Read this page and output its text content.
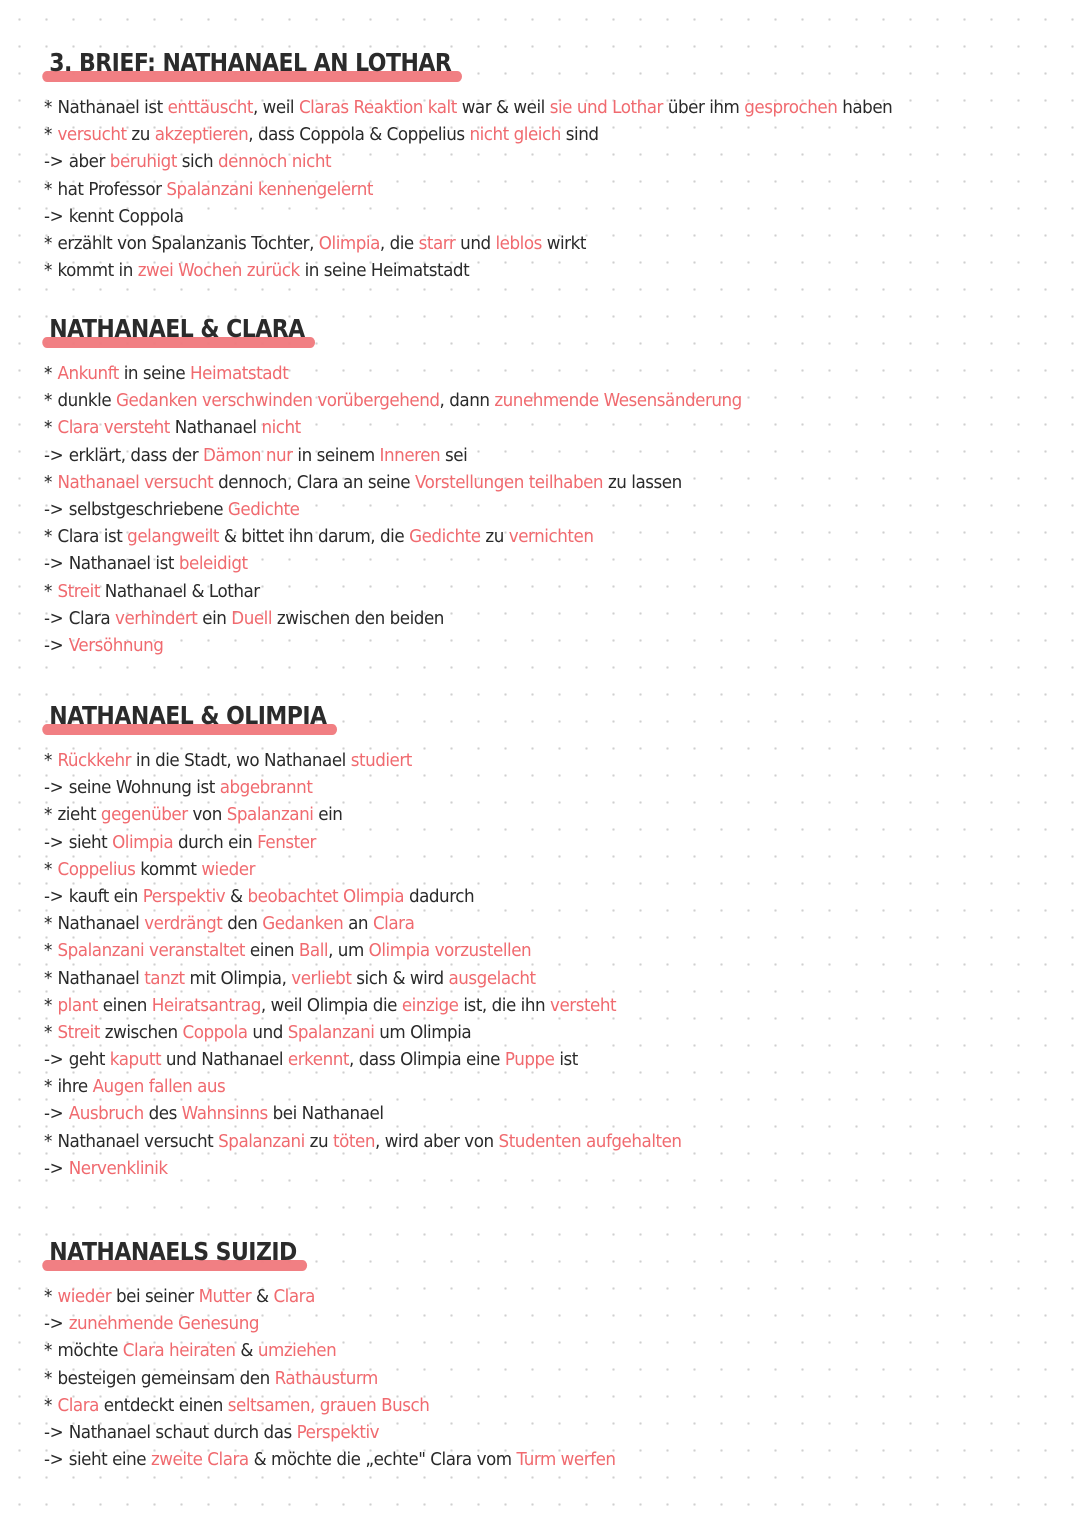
3. BRIEF: NATHANAEL AN LOTHAR
* Nathanael ist enttäuscht, weil Claras Reaktion kalt war & weil sie und Lothar über ihm gesprochen haben
* versucht zu akzeptieren, dass Coppola & Coppelius nicht gleich sind
-> aber beruhigt sich dennoch nicht
* hat Professor Spalanzani kennengelernt
-> kennt Coppola
* erzählt von Spalanzanis Tochter, Olimpia, die starr und leblos wirkt
* kommt in zwei Wochen zurück in seine Heimatstadt
NATHANAEL & CLARA
* Ankunft in seine Heimatstadt
* dunkle Gedanken verschwinden vorübergehend, dann zunehmende Wesensänderung
* Clara versteht Nathanael nicht
-> erklärt, dass der Dämon nur in seinem Inneren sei
* Nathanael versucht dennoch, Clara an seine Vorstellungen teilhaben zu lassen
-> selbstgeschriebene Gedichte
* Clara ist gelangweilt & bittet ihn darum, die Gedichte zu vernichten
-> Nathanael ist beleidigt
* Streit Nathanael & Lothar
-> Clara verhindert ein Duell zwischen den beiden
-> Versöhnung
NATHANAEL & OLIMPIA
* Rückkehr in die Stadt, wo Nathanael studiert
-> seine Wohnung ist abgebrannt
* zieht gegenüber von Spalanzani ein
-> sieht Olimpia durch ein Fenster
* Coppelius kommt wieder
-> kauft ein Perspektiv & beobachtet Olimpia dadurch
* Nathanael verdrängt den Gedanken an Clara
* Spalanzani veranstaltet einen Ball, um Olimpia vorzustellen
* Nathanael tanzt mit Olimpia, verliebt sich & wird ausgelacht
* plant einen Heiratsantrag, weil Olimpia die einzige ist, die ihn versteht
* Streit zwischen Coppola und Spalanzani um Olimpia
-> geht kaputt und Nathanael erkennt, dass Olimpia eine Puppe ist
* ihre Augen fallen aus
-> Ausbruch des Wahnsinns bei Nathanael
* Nathanael versucht Spalanzani zu töten, wird aber von Studenten aufgehalten
-> Nervenklinik
NATHANAELS SUIZID
* wieder bei seiner Mutter & Clara
-> zunehmende Genesung
* möchte Clara heiraten & umziehen
* besteigen gemeinsam den Rathausturm
* Clara entdeckt einen seltsamen, grauen Busch
-> Nathanael schaut durch das Perspektiv
-> sieht eine zweite Clara & möchte die „echte" Clara vom Turm werfen
